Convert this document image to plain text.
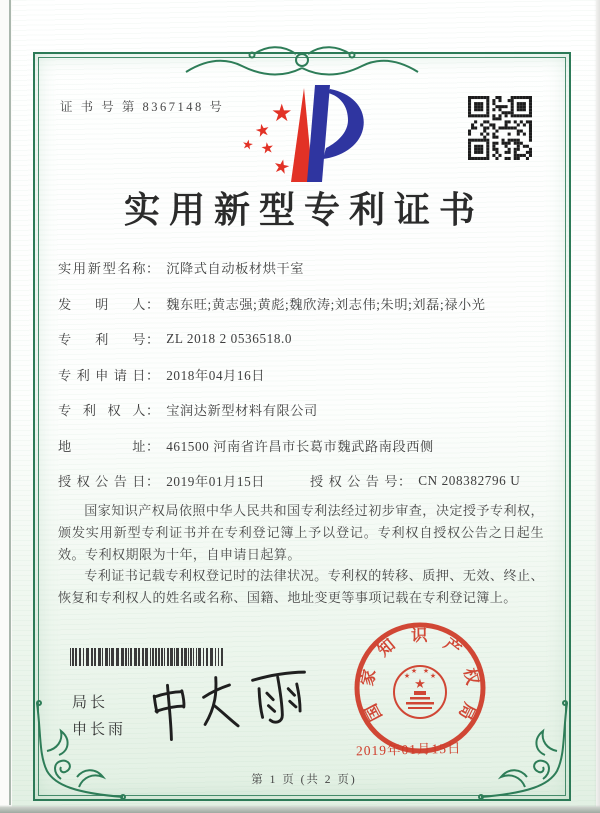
证 书 号 第 8367148 号 ★
★
★ ★
★
实用新型专利证书
实用新型名称 ： 沉降式自动板材烘干室
发明人 ： 魏东旺;黄志强;黄彪;魏欣涛;刘志伟;朱明;刘磊;禄小光
专利号 ： ZL 2018 2 0536518.0
专利申请日 ： 2018年04月16日
专利权人 ： 宝润达新型材料有限公司
地址 ： 461500 河南省许昌市长葛市魏武路南段西侧
授权公告日 ： 2019年01月15日	授权公告号 ： CN 208382796 U

国家知识产权局依照中华人民共和国专利法经过初步审查，决定授予专利权，颁发实用新型专利证书并在专利登记簿上予以登记。专利权自授权公告之日起生效。专利权期限为十年，自申请日起算。

专利证书记载专利权登记时的法律状况。专利权的转移、质押、无效、终止、恢复和专利权人的姓名或名称、国籍、地址变更等事项记载在专利登记簿上。

局长
申长雨
国家知识产权局
★
★
★ ★
★
2019年01月15日
第 1 页 (共 2 页)
